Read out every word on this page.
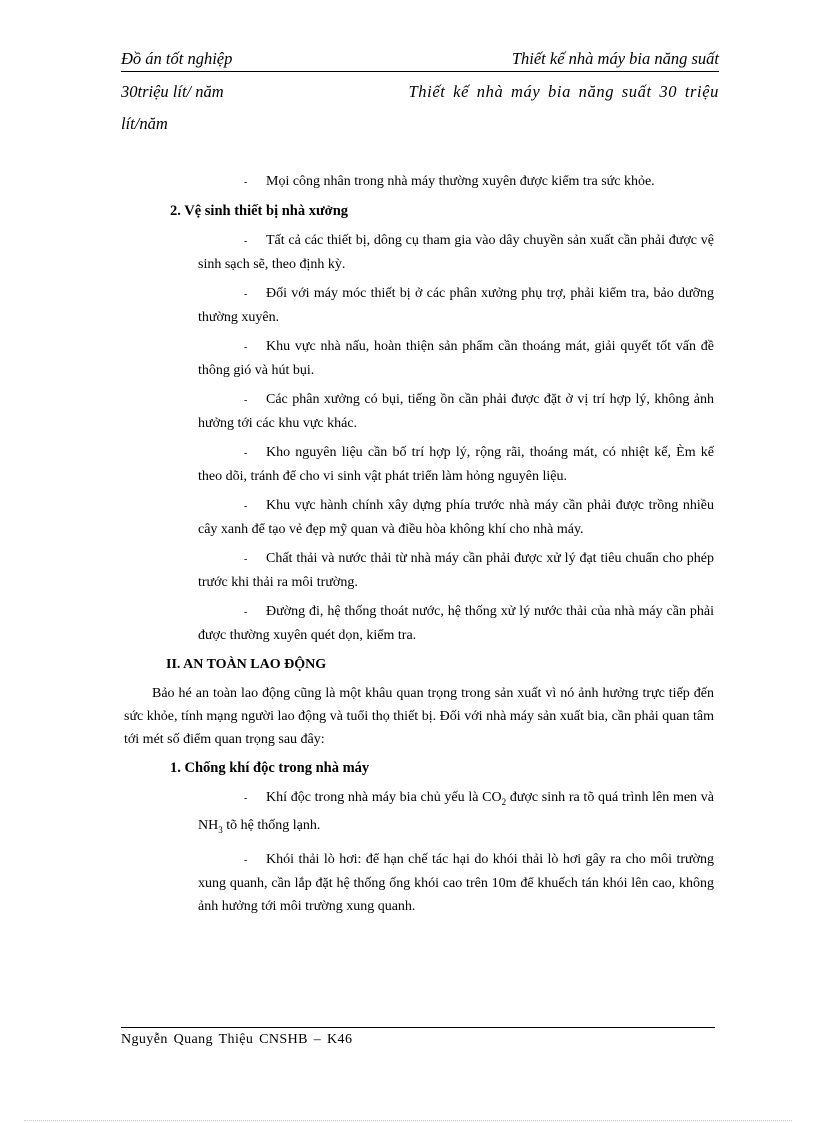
Đồ án tốt nghiệp	Thiết kế nhà máy bia năng suất
30triệu lít/ năm	Thiết kế nhà máy bia năng suất 30 triệu
lít/năm

- Mọi công nhân trong nhà máy thường xuyên được kiểm tra sức khỏe.

2. Vệ sinh thiết bị nhà xưởng

- Tất cả các thiết bị, dông cụ tham gia vào dây chuyền sản xuất cần phải được vệ sinh sạch sẽ, theo định kỳ.

- Đối với máy móc thiết bị ở các phân xưởng phụ trợ, phải kiểm tra, bảo dưỡng thường xuyên.

- Khu vực nhà nấu, hoàn thiện sản phẩm cần thoáng mát, giải quyết tốt vấn đề thông gió và hút bụi.

- Các phân xưởng có bụi, tiếng ồn cần phải được đặt ở vị trí hợp lý, không ảnh hưởng tới các khu vực khác.

- Kho nguyên liệu cần bố trí hợp lý, rộng rãi, thoáng mát, có nhiệt kế, Èm kế theo dõi, tránh để cho vi sinh vật phát triển làm hỏng nguyên liệu.

- Khu vực hành chính xây dựng phía trước nhà máy cần phải được trồng nhiều cây xanh để tạo vẻ đẹp mỹ quan và điều hòa không khí cho nhà máy.

- Chất thải và nước thải từ nhà máy cần phải được xử lý đạt tiêu chuẩn cho phép trước khi thải ra môi trường.

- Đường đi, hệ thống thoát nước, hệ thống xử lý nước thải của nhà máy cần phải được thường xuyên quét dọn, kiểm tra.

II. AN TOÀN LAO ĐỘNG

Bảo hé an toàn lao động cũng là một khâu quan trọng trong sản xuất vì nó ảnh hưởng trực tiếp đến sức khỏe, tính mạng người lao động và tuổi thọ thiết bị. Đối với nhà máy sản xuất bia, cần phải quan tâm tới mét số điểm quan trọng sau đây:

1. Chống khí độc trong nhà máy

- Khí độc trong nhà máy bia chủ yếu là $CO_2$ được sinh ra tõ quá trình lên men và $NH_3$ tõ hệ thống lạnh.

- Khói thải lò hơi: để hạn chế tác hại do khói thải lò hơi gây ra cho môi trường xung quanh, cần lắp đặt hệ thống ống khói cao trên 10m để khuếch tán khói lên cao, không ảnh hưởng tới môi trường xung quanh.

Nguyễn Quang Thiệu CNSHB – K46
